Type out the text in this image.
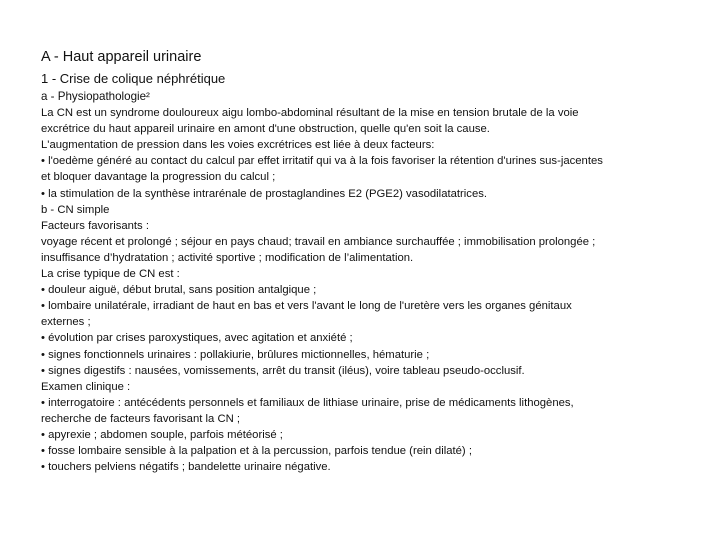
A - Haut appareil urinaire
1 - Crise de colique néphrétique
a - Physiopathologie²
La CN est un syndrome douloureux aigu lombo-abdominal résultant de la mise en tension brutale de la voie
excrétrice du haut appareil urinaire en amont d'une obstruction, quelle qu'en soit la cause.
L'augmentation de pression dans les voies excrétrices est liée à deux facteurs:
• l'oedème généré au contact du calcul par effet irritatif qui va à la fois favoriser la rétention d'urines sus-jacentes
et bloquer davantage la progression du calcul ;
• la stimulation de la synthèse intrarénale de prostaglandines E2 (PGE2) vasodilatatrices.
b - CN simple
Facteurs favorisants :
voyage récent et prolongé ; séjour en pays chaud; travail en ambiance surchauffée ; immobilisation prolongée ;
insuffisance d’hydratation ; activité sportive ; modification de l’alimentation.
La crise typique de CN est :
• douleur aiguë, début brutal, sans position antalgique ;
• lombaire unilatérale, irradiant de haut en bas et vers l'avant le long de l'uretère vers les organes génitaux
externes ;
• évolution par crises paroxystiques, avec agitation et anxiété ;
• signes fonctionnels urinaires : pollakiurie, brûlures mictionnelles, hématurie ;
• signes digestifs : nausées, vomissements, arrêt du transit (iléus), voire tableau pseudo-occlusif.
Examen clinique :
• interrogatoire : antécédents personnels et familiaux de lithiase urinaire, prise de médicaments lithogènes,
recherche de facteurs favorisant la CN ;
• apyrexie ; abdomen souple, parfois météorisé ;
• fosse lombaire sensible à la palpation et à la percussion, parfois tendue (rein dilaté) ;
• touchers pelviens négatifs ; bandelette urinaire négative.
